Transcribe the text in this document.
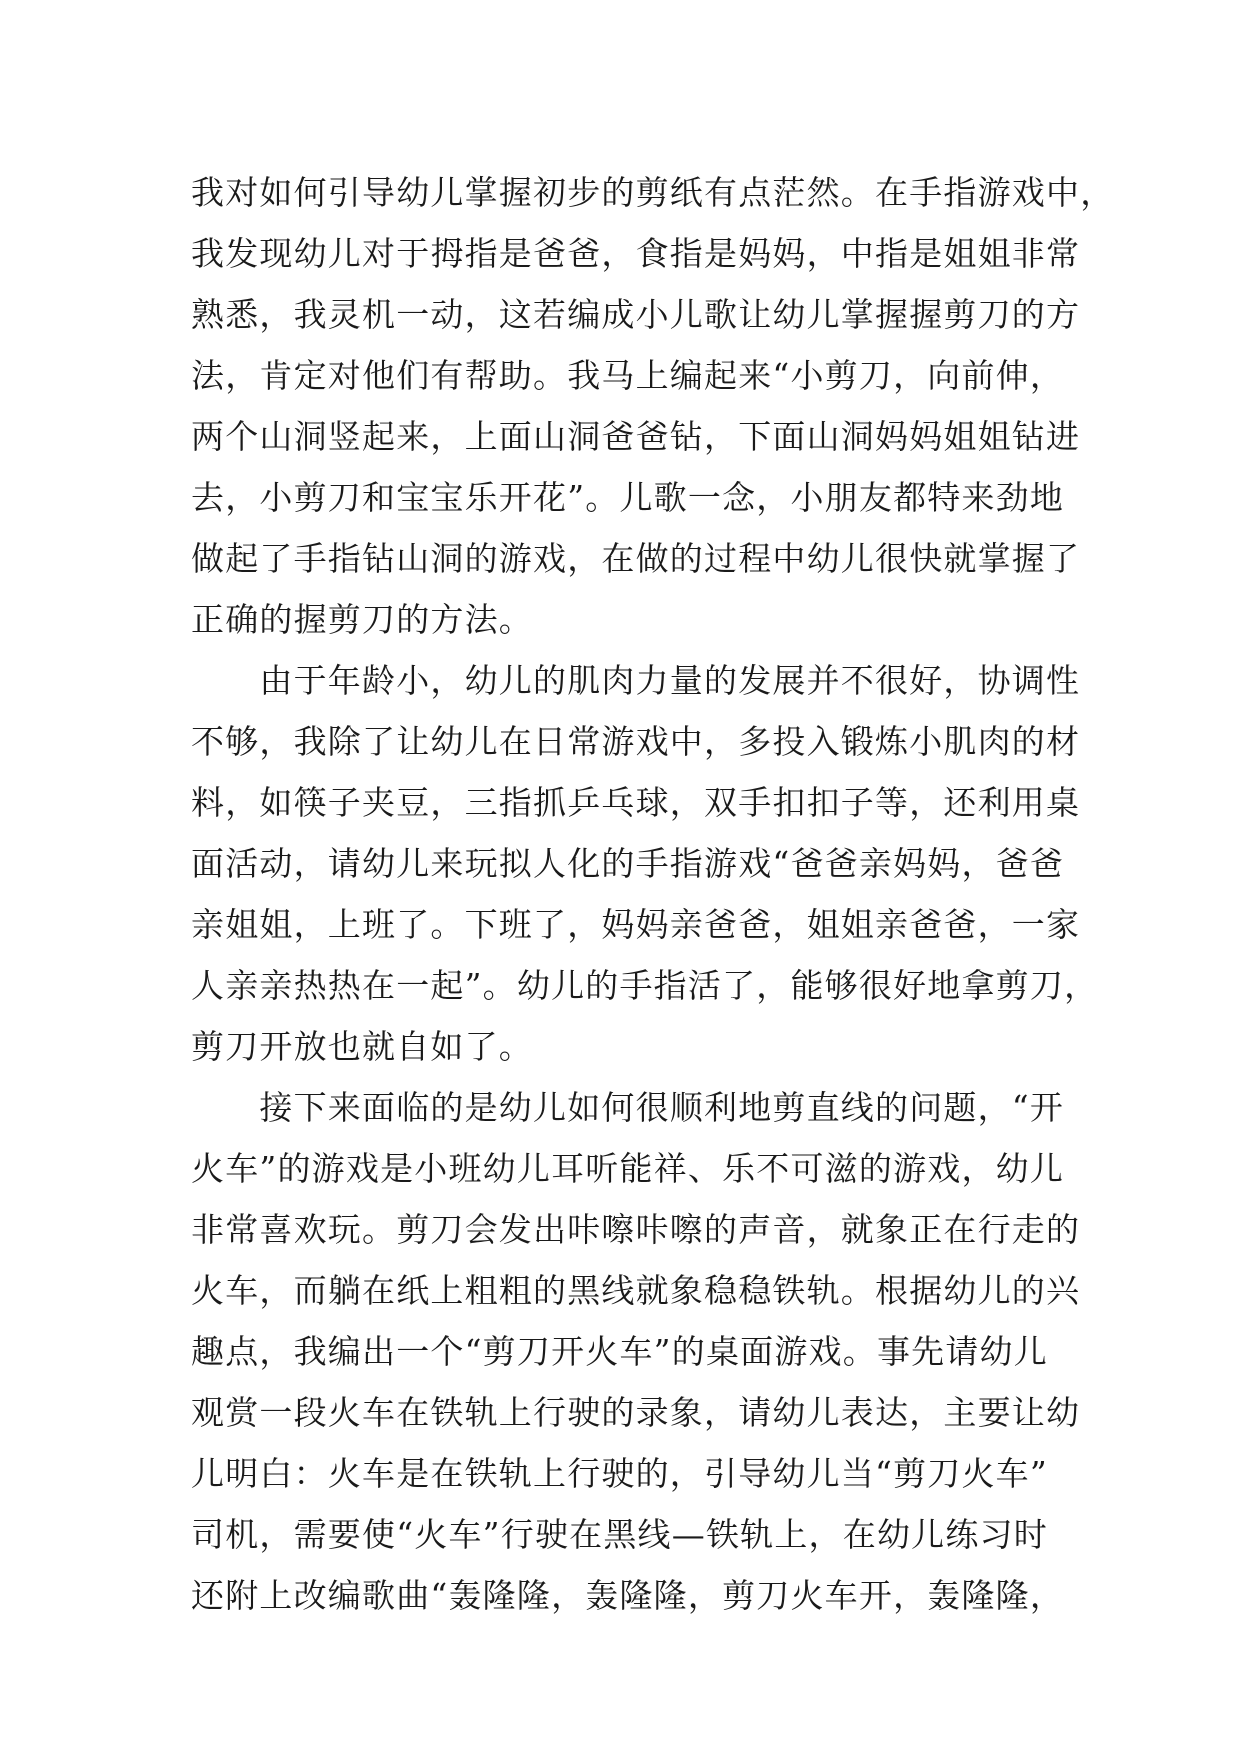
我对如何引导幼儿掌握初步的剪纸有点茫然。在手指游戏中，
我发现幼儿对于拇指是爸爸，食指是妈妈，中指是姐姐非常
熟悉，我灵机一动，这若编成小儿歌让幼儿掌握握剪刀的方
法，肯定对他们有帮助。我马上编起来“小剪刀，向前伸，
两个山洞竖起来，上面山洞爸爸钻，下面山洞妈妈姐姐钻进
去，小剪刀和宝宝乐开花”。儿歌一念，小朋友都特来劲地
做起了手指钻山洞的游戏，在做的过程中幼儿很快就掌握了
正确的握剪刀的方法。
　　由于年龄小，幼儿的肌肉力量的发展并不很好，协调性
不够，我除了让幼儿在日常游戏中，多投入锻炼小肌肉的材
料，如筷子夹豆，三指抓乒乓球，双手扣扣子等，还利用桌
面活动，请幼儿来玩拟人化的手指游戏“爸爸亲妈妈，爸爸
亲姐姐，上班了。下班了，妈妈亲爸爸，姐姐亲爸爸，一家
人亲亲热热在一起”。幼儿的手指活了，能够很好地拿剪刀，
剪刀开放也就自如了。
　　接下来面临的是幼儿如何很顺利地剪直线的问题，“开
火车”的游戏是小班幼儿耳听能祥、乐不可滋的游戏，幼儿
非常喜欢玩。剪刀会发出咔嚓咔嚓的声音，就象正在行走的
火车，而躺在纸上粗粗的黑线就象稳稳铁轨。根据幼儿的兴
趣点，我编出一个“剪刀开火车”的桌面游戏。事先请幼儿
观赏一段火车在铁轨上行驶的录象，请幼儿表达，主要让幼
儿明白：火车是在铁轨上行驶的，引导幼儿当“剪刀火车”
司机，需要使“火车”行驶在黑线—铁轨上，在幼儿练习时
还附上改编歌曲“轰隆隆，轰隆隆，剪刀火车开，轰隆隆，
